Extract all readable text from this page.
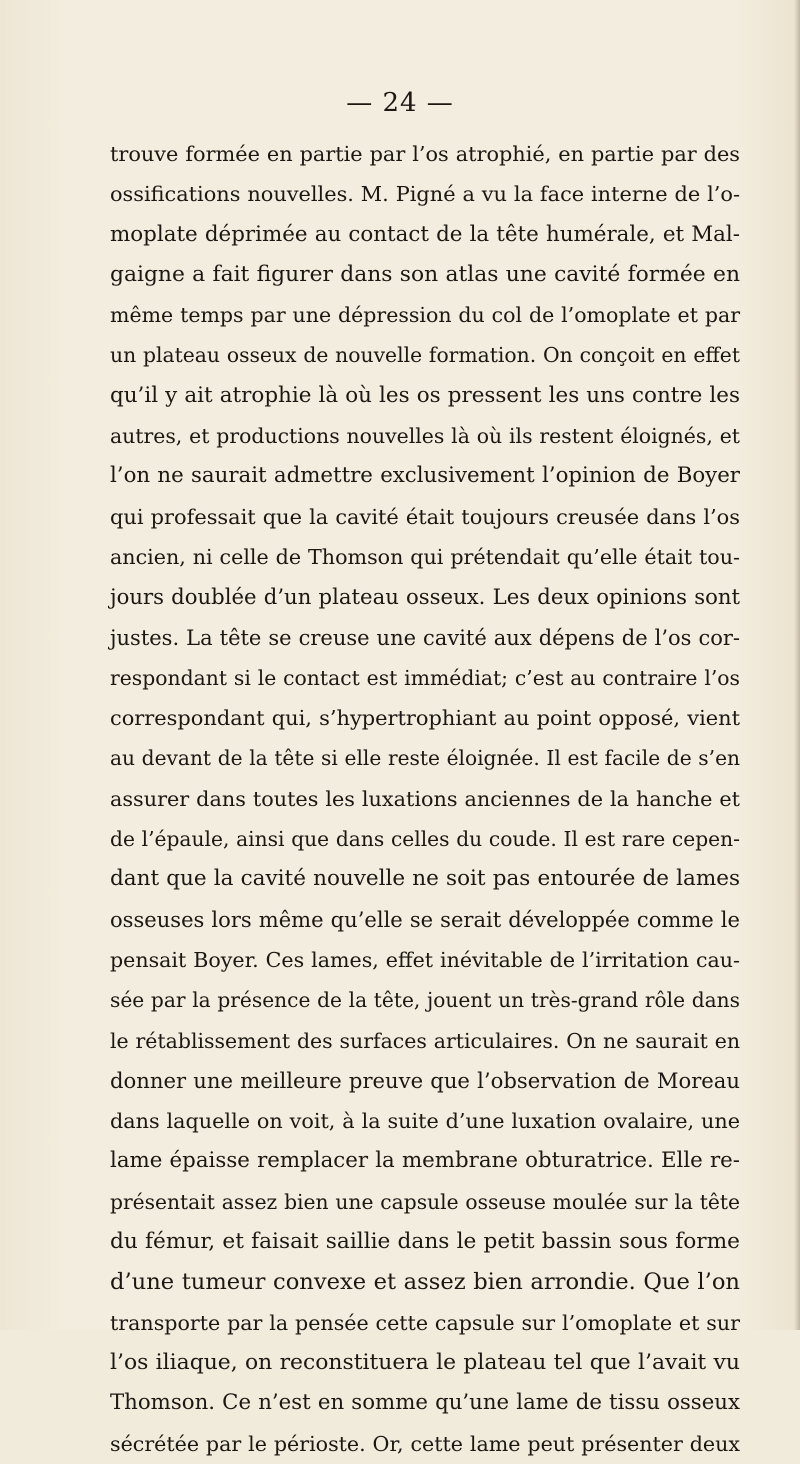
— 24 —
trouve formée en partie par l’os atrophié, en partie par des
ossifications nouvelles. M. Pigné a vu la face interne de l’o-
moplate déprimée au contact de la tête humérale, et Mal-
gaigne a fait figurer dans son atlas une cavité formée en
même temps par une dépression du col de l’omoplate et par
un plateau osseux de nouvelle formation. On conçoit en effet
qu’il y ait atrophie là où les os pressent les uns contre les
autres, et productions nouvelles là où ils restent éloignés, et
l’on ne saurait admettre exclusivement l’opinion de Boyer
qui professait que la cavité était toujours creusée dans l’os
ancien, ni celle de Thomson qui prétendait qu’elle était tou-
jours doublée d’un plateau osseux. Les deux opinions sont
justes. La tête se creuse une cavité aux dépens de l’os cor-
respondant si le contact est immédiat; c’est au contraire l’os
correspondant qui, s’hypertrophiant au point opposé, vient
au devant de la tête si elle reste éloignée. Il est facile de s’en
assurer dans toutes les luxations anciennes de la hanche et
de l’épaule, ainsi que dans celles du coude. Il est rare cepen-
dant que la cavité nouvelle ne soit pas entourée de lames
osseuses lors même qu’elle se serait développée comme le
pensait Boyer. Ces lames, effet inévitable de l’irritation cau-
sée par la présence de la tête, jouent un très-grand rôle dans
le rétablissement des surfaces articulaires. On ne saurait en
donner une meilleure preuve que l’observation de Moreau
dans laquelle on voit, à la suite d’une luxation ovalaire, une
lame épaisse remplacer la membrane obturatrice. Elle re-
présentait assez bien une capsule osseuse moulée sur la tête
du fémur, et faisait saillie dans le petit bassin sous forme
d’une tumeur convexe et assez bien arrondie. Que l’on
transporte par la pensée cette capsule sur l’omoplate et sur
l’os iliaque, on reconstituera le plateau tel que l’avait vu
Thomson. Ce n’est en somme qu’une lame de tissu osseux
sécrétée par le périoste. Or, cette lame peut présenter deux
